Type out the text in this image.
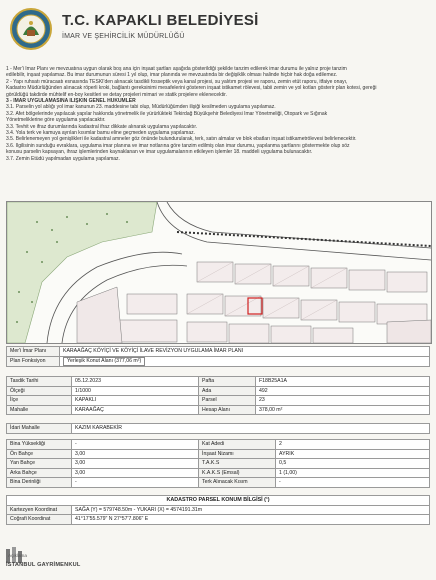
T.C. KAPAKLI BELEDİYESİ
İMAR VE ŞEHİRCİLİK MÜDÜRLÜĞÜ

1 - Mer'i İmar Planı ve mevzuatına uygun olarak boş ana için inşaat şartları aşağıda gösterildiği şekilde tanzim edilerek imar durumu ile yalnız proje tanzim

edilebilir, inşaat yapılamaz. Bu imar durumunun süresi 1 yıl olup, imar planında ve mevzuatında bir değişiklik olması halinde hiçbir hak doğa edilemez.

2 - Yapı ruhsatı müracaatı esnasında TESKİ'den alınacak tasdikli fosseptik veya kanal projesi, su yalıtım projesi ve raporu, zemin etüt raporu, itfaiye onayı,

Kadastro Müdürlüğünden alınacak röperli kroki, bağlantı gereksinimi mesafelerini gösteren inşaat istikamet rölevesi, tabii zemin ve yol kotları gösterir plan kotesi, gereği

görüldüğü takdirde mühtelif en-boy kesitleri ve detay projeleri mimari ve statik projelere eklenecektir.

3 - İMAR UYGULAMASINA İLİŞKİN GENEL HÜKÜMLER

3.1. Parselin yol ablığı yol imar kanunun 23. maddesine tabi olup, Müdürlüğümden ilişiği kesilmeden uygulama yapılamaz.

3.2. Afet bölgelerinde yapılacak yapılar hakkında yönetmelik ile yürürlükteki Tekirdağ Büyükşehir Belediyesi İmar Yönetmeliği, Otopark ve Sığınak

Yönetmeliklerine göre uygulama yapılacaktır.

3.3. Tevhit ve ifraz durumlarında kadastral ifraz dikkate alınarak uygulama yapılacaktır.

3.4. Yola terk ve kamuya ayrılan kısımlar bamu eline geçmeden uygulama yapılamaz.

3.5. Belirlenemeyen yol genişlikleri ile kadastral amneler göz önünde bulundurularak, terk, satın almalar ve blok ebatları inşaat istikametrölevesi belirlenecektir.

3.6. İlgilisinin sunduğu evraklara, uygulama imar planına ve imar notlarına göre tanzim edilmiş olan imar durumu, yapılanma şartlarını göstermekte olup söz

konusu parselin kapsayan, ihraz işlemlerinden kaynaklanan ve imar uygulamalarının etkileyen işlemler 18. maddeli uygulama bulunacaktır.

3.7. Zemin Etüdü yapılmadan uygulama yapılamaz.

Mer'i İmar Planı	KARAAĞAÇ KÖYİÇİ VE KÖYİÇİ İLAVE REVİZYON UYGULAMA İMAR PLANI
Plan Fonksiyon	Yerleşik Konut Alanı (377,06 m²)
Tasdik Tarihi	05.12.2023	Pafta	F18B25A1A
Ölçeği	1/1000	Ada	492
İlçe	KAPAKLI	Parsel	23
Mahalle	KARAAĞAÇ	Hesap Alanı	378,00 m²
İdari Mahalle	KAZIM KARABEKİR
Bina Yüksekliği	-	Kat Adedi	2
Ön Bahçe	3,00	İnşaat Nizamı	AYRIK
Yan Bahçe	3,00	T.A.K.S	0,5
Arka Bahçe	3,00	K.A.K.S (Emsal)	1 (1,00)
Bina Derinliği	-	Terk Alınacak Kısım	-
KADASTRO PARSEL KONUM BİLGİSİ (¹)	
Kartezyen Koordinat	SAĞA (Y) = 579748.50m - YUKARI (X) = 4574191.31m
Coğrafi Koordinat	41°17'55.579" N 27°57'7.806" E
Açıklama
İSTANBUL GAYRİMENKUL
